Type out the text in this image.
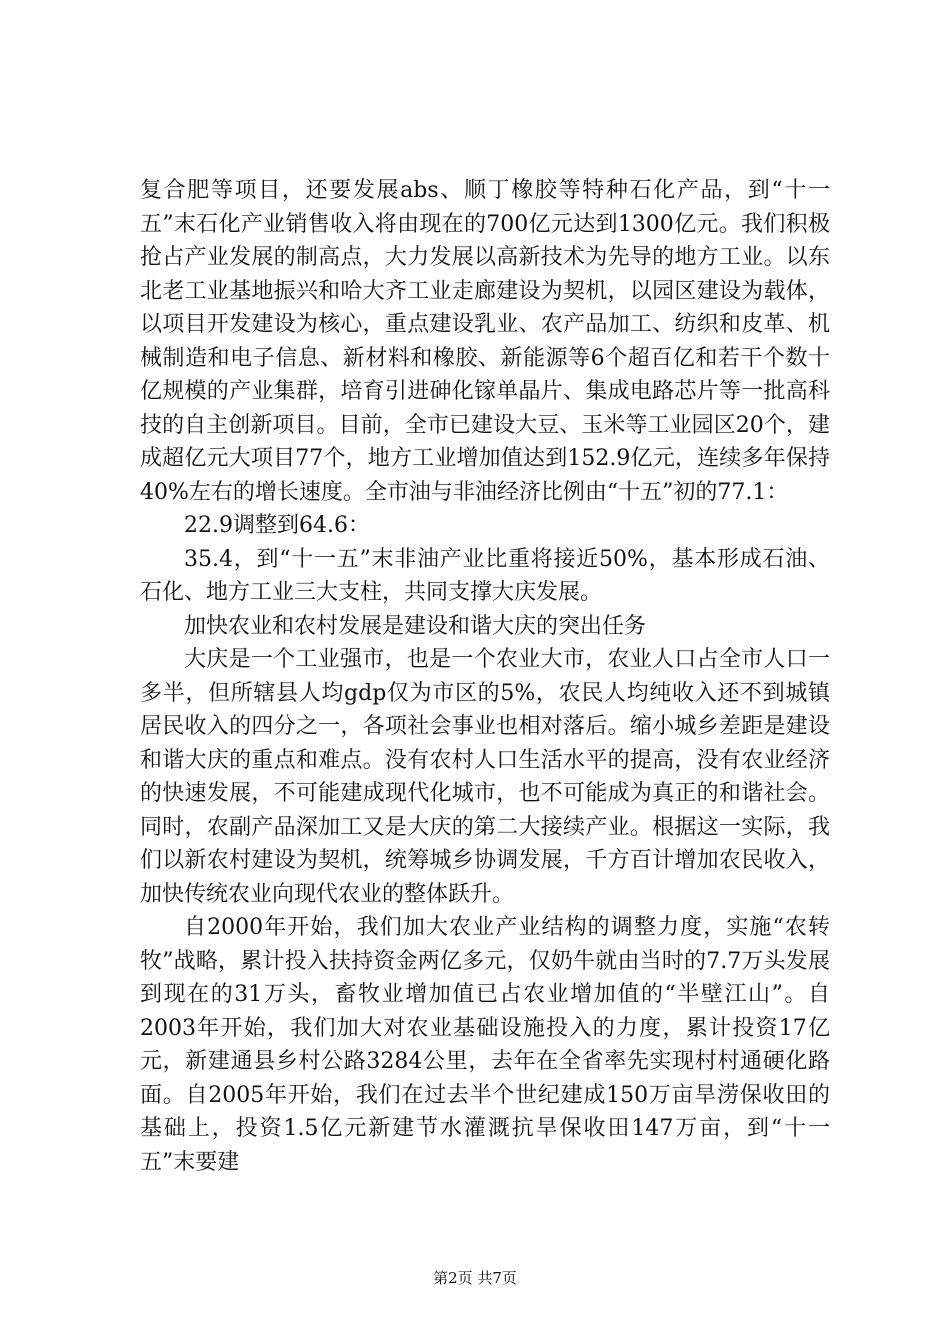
复合肥等项目，还要发展abs、顺丁橡胶等特种石化产品，到“十一五”末石化产业销售收入将由现在的700亿元达到1300亿元。我们积极抢占产业发展的制高点，大力发展以高新技术为先导的地方工业。以东北老工业基地振兴和哈大齐工业走廊建设为契机，以园区建设为载体，以项目开发建设为核心，重点建设乳业、农产品加工、纺织和皮革、机械制造和电子信息、新材料和橡胶、新能源等6个超百亿和若干个数十亿规模的产业集群，培育引进砷化镓单晶片、集成电路芯片等一批高科技的自主创新项目。目前，全市已建设大豆、玉米等工业园区20个，建成超亿元大项目77个，地方工业增加值达到152.9亿元，连续多年保持40%左右的增长速度。全市油与非油经济比例由“十五”初的77.1：

22.9调整到64.6：

35.4，到“十一五”末非油产业比重将接近50%，基本形成石油、石化、地方工业三大支柱，共同支撑大庆发展。

加快农业和农村发展是建设和谐大庆的突出任务

大庆是一个工业强市，也是一个农业大市，农业人口占全市人口一多半，但所辖县人均gdp仅为市区的5%，农民人均纯收入还不到城镇居民收入的四分之一，各项社会事业也相对落后。缩小城乡差距是建设和谐大庆的重点和难点。没有农村人口生活水平的提高，没有农业经济的快速发展，不可能建成现代化城市，也不可能成为真正的和谐社会。同时，农副产品深加工又是大庆的第二大接续产业。根据这一实际，我们以新农村建设为契机，统筹城乡协调发展，千方百计增加农民收入，加快传统农业向现代农业的整体跃升。

自2000年开始，我们加大农业产业结构的调整力度，实施“农转牧”战略，累计投入扶持资金两亿多元，仅奶牛就由当时的7.7万头发展到现在的31万头，畜牧业增加值已占农业增加值的“半壁江山”。自2003年开始，我们加大对农业基础设施投入的力度，累计投资17亿元，新建通县乡村公路3284公里，去年在全省率先实现村村通硬化路面。自2005年开始，我们在过去半个世纪建成150万亩旱涝保收田的基础上，投资1.5亿元新建节水灌溉抗旱保收田147万亩，到“十一五”末要建

第2页 共7页
